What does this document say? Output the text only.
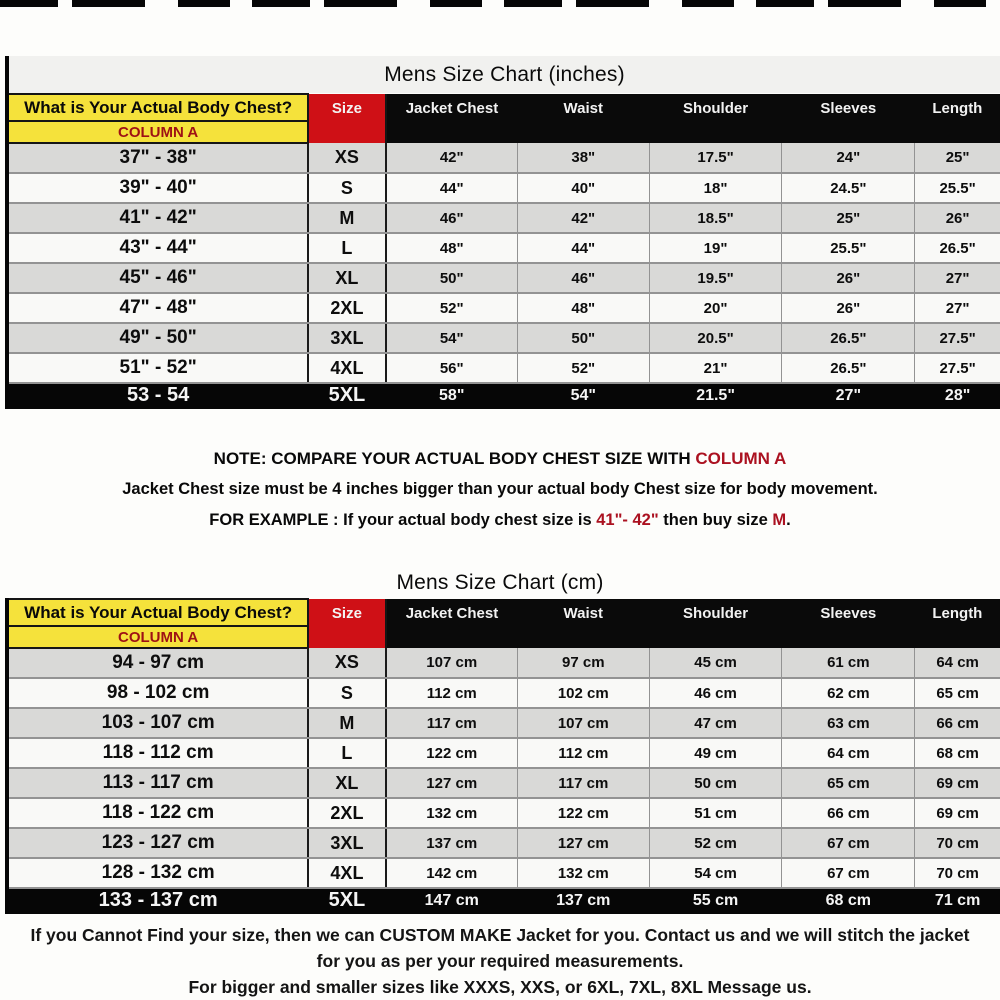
Mens Size Chart (inches)
What is Your Actual Body Chest?	Size	Jacket Chest	Waist	Shoulder	Sleeves	Length
COLUMN A						
37" - 38"	XS	42"	38"	17.5"	24"	25"
39" - 40"	S	44"	40"	18"	24.5"	25.5"
41" - 42"	M	46"	42"	18.5"	25"	26"
43" - 44"	L	48"	44"	19"	25.5"	26.5"
45" - 46"	XL	50"	46"	19.5"	26"	27"
47" - 48"	2XL	52"	48"	20"	26"	27"
49" - 50"	3XL	54"	50"	20.5"	26.5"	27.5"
51" - 52"	4XL	56"	52"	21"	26.5"	27.5"
53 - 54	5XL	58"	54"	21.5"	27"	28"
NOTE: COMPARE YOUR ACTUAL BODY CHEST SIZE WITH COLUMN A
Jacket Chest size must be 4 inches bigger than your actual body Chest size for body movement.
FOR EXAMPLE : If your actual body chest size is 41"- 42" then buy size M.
Mens Size Chart (cm)
What is Your Actual Body Chest?	Size	Jacket Chest	Waist	Shoulder	Sleeves	Length
COLUMN A						
94 - 97 cm	XS	107 cm	97 cm	45 cm	61 cm	64 cm
98 - 102 cm	S	112 cm	102 cm	46 cm	62 cm	65 cm
103 - 107 cm	M	117 cm	107 cm	47 cm	63 cm	66 cm
118 - 112 cm	L	122 cm	112 cm	49 cm	64 cm	68 cm
113 - 117 cm	XL	127 cm	117 cm	50 cm	65 cm	69 cm
118 - 122 cm	2XL	132 cm	122 cm	51 cm	66 cm	69 cm
123 - 127 cm	3XL	137 cm	127 cm	52 cm	67 cm	70 cm
128 - 132 cm	4XL	142 cm	132 cm	54 cm	67 cm	70 cm
133 - 137 cm	5XL	147 cm	137 cm	55 cm	68 cm	71 cm
If you Cannot Find your size, then we can CUSTOM MAKE Jacket for you. Contact us and we will stitch the jacket
for you as per your required measurements.
For bigger and smaller sizes like XXXS, XXS, or 6XL, 7XL, 8XL Message us.
